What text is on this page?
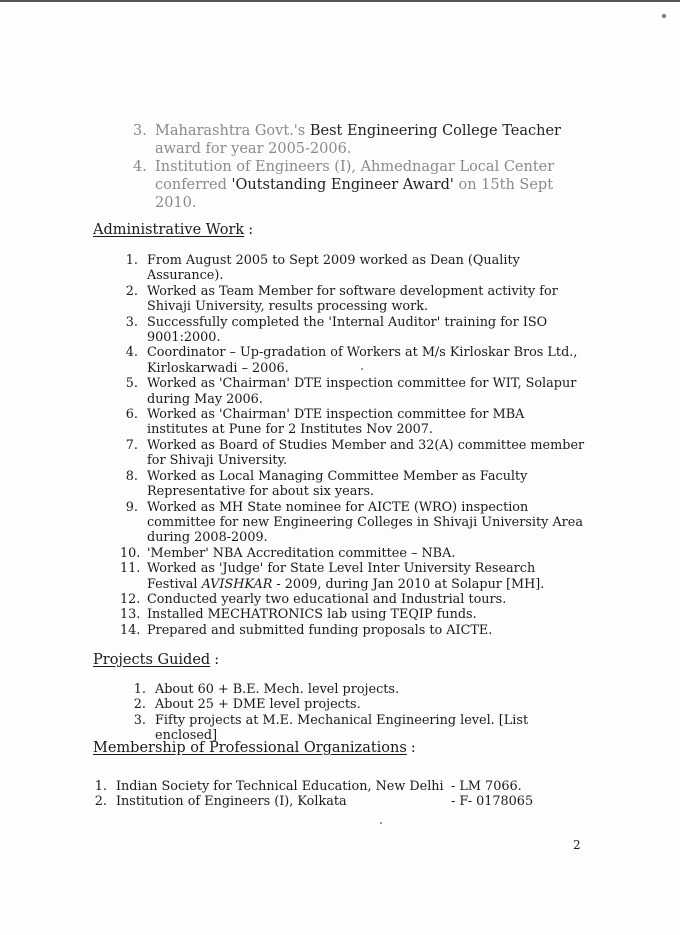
3. Maharashtra Govt.'s Best Engineering College Teacher
award for year 2005-2006.
4. Institution of Engineers (I), Ahmednagar Local Center conferred 'Outstanding Engineer Award' on 15th Sept 2010.
Administrative Work :
1. From August 2005 to Sept 2009 worked as Dean (Quality Assurance).
2. Worked as Team Member for software development activity for Shivaji University, results processing work.
3. Successfully completed the 'Internal Auditor' training for ISO 9001:2000.
4. Coordinator – Up-gradation of Workers at M/s Kirloskar Bros Ltd., Kirloskarwadi – 2006.
5. Worked as 'Chairman' DTE inspection committee for WIT, Solapur during May 2006.
6. Worked as 'Chairman' DTE inspection committee for MBA institutes at Pune for 2 Institutes Nov 2007.
7. Worked as Board of Studies Member and 32(A) committee member for Shivaji University.
8. Worked as Local Managing Committee Member as Faculty Representative for about six years.
9. Worked as MH State nominee for AICTE (WRO) inspection committee for new Engineering Colleges in Shivaji University Area during 2008-2009.
10. 'Member' NBA Accreditation committee – NBA.
11. Worked as 'Judge' for State Level Inter University Research Festival AVISHKAR - 2009, during Jan 2010 at Solapur [MH].
12. Conducted yearly two educational and Industrial tours.
13. Installed MECHATRONICS lab using TEQIP funds.
14. Prepared and submitted funding proposals to AICTE.
Projects Guided :
1. About 60 + B.E. Mech. level projects.
2. About 25 + DME level projects.
3. Fifty projects at M.E. Mechanical Engineering level. [List enclosed]
Membership of Professional Organizations :
1. Indian Society for Technical Education, New Delhi - LM 7066.
2. Institution of Engineers (I), Kolkata	- F- 0178065
2
